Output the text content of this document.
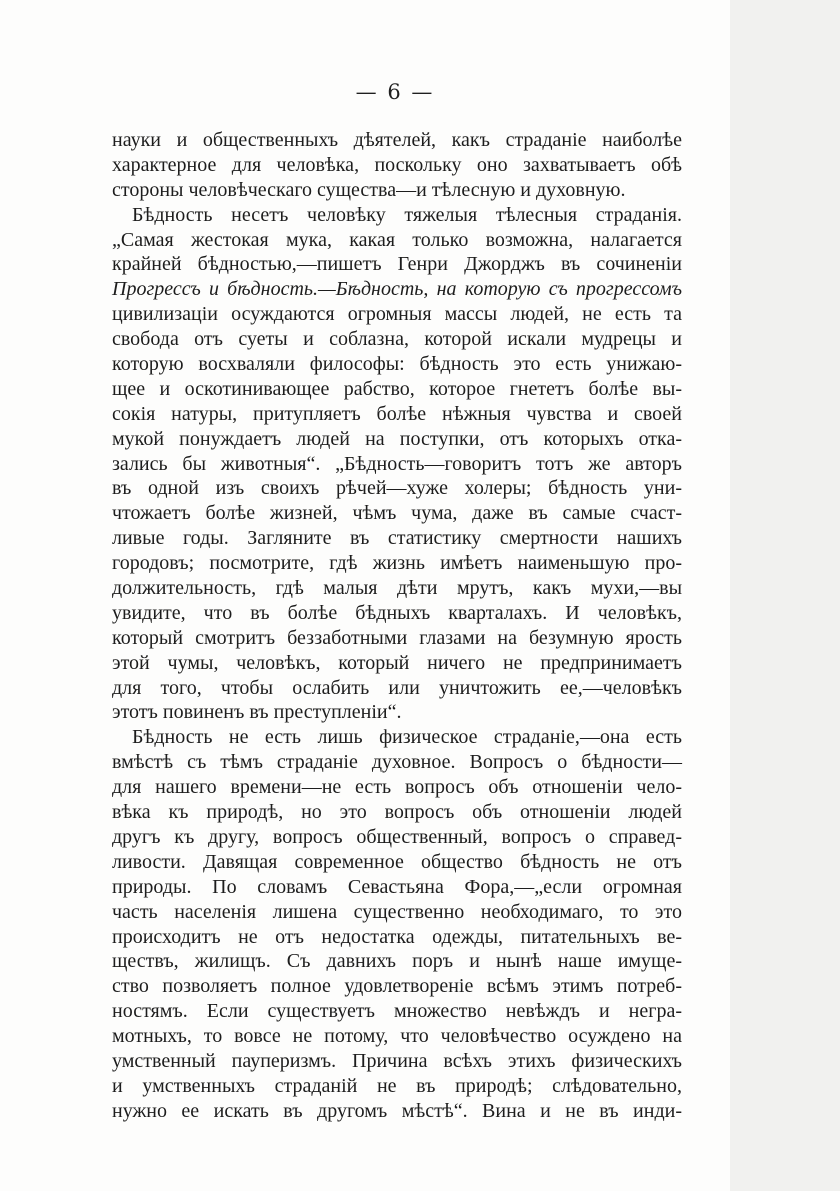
— 6 —
науки и общественныхъ дѣятелей, какъ страданіе наиболѣе
характерное для человѣка, поскольку оно захватываетъ обѣ
стороны человѣческаго существа—и тѣлесную и духовную.
Бѣдность несетъ человѣку тяжелыя тѣлесныя страданія.
„Самая жестокая мука, какая только возможна, налагается
крайней бѣдностью,—пишетъ Генри Джорджъ въ сочиненіи
Прогрессъ и бѣдность.—Бѣдность, на которую съ прогрессомъ
цивилизаціи осуждаются огромныя массы людей, не есть та
свобода отъ суеты и соблазна, которой искали мудрецы и
которую восхваляли философы: бѣдность это есть унижаю-
щее и оскотинивающее рабство, которое гнететъ болѣе вы-
сокія натуры, притупляетъ болѣе нѣжныя чувства и своей
мукой понуждаетъ людей на поступки, отъ которыхъ отка-
зались бы животныя“. „Бѣдность—говоритъ тотъ же авторъ
въ одной изъ своихъ рѣчей—хуже холеры; бѣдность уни-
чтожаетъ болѣе жизней, чѣмъ чума, даже въ самые счаст-
ливые годы. Загляните въ статистику смертности нашихъ
городовъ; посмотрите, гдѣ жизнь имѣетъ наименьшую про-
должительность, гдѣ малыя дѣти мрутъ, какъ мухи,—вы
увидите, что въ болѣе бѣдныхъ кварталахъ. И человѣкъ,
который смотритъ беззаботными глазами на безумную ярость
этой чумы, человѣкъ, который ничего не предпринимаетъ
для того, чтобы ослабить или уничтожить ее,—человѣкъ
этотъ повиненъ въ преступленіи“.
Бѣдность не есть лишь физическое страданіе,—она есть
вмѣстѣ съ тѣмъ страданіе духовное. Вопросъ о бѣдности—
для нашего времени—не есть вопросъ объ отношеніи чело-
вѣка къ природѣ, но это вопросъ объ отношеніи людей
другъ къ другу, вопросъ общественный, вопросъ о справед-
ливости. Давящая современное общество бѣдность не отъ
природы. По словамъ Севастьяна Фора,—„если огромная
часть населенія лишена существенно необходимаго, то это
происходитъ не отъ недостатка одежды, питательныхъ ве-
ществъ, жилищъ. Съ давнихъ поръ и нынѣ наше имуще-
ство позволяетъ полное удовлетвореніе всѣмъ этимъ потреб-
ностямъ. Если существуетъ множество невѣждъ и негра-
мотныхъ, то вовсе не потому, что человѣчество осуждено на
умственный пауперизмъ. Причина всѣхъ этихъ физическихъ
и умственныхъ страданій не въ природѣ; слѣдовательно,
нужно ее искать въ другомъ мѣстѣ“. Вина и не въ инди-
